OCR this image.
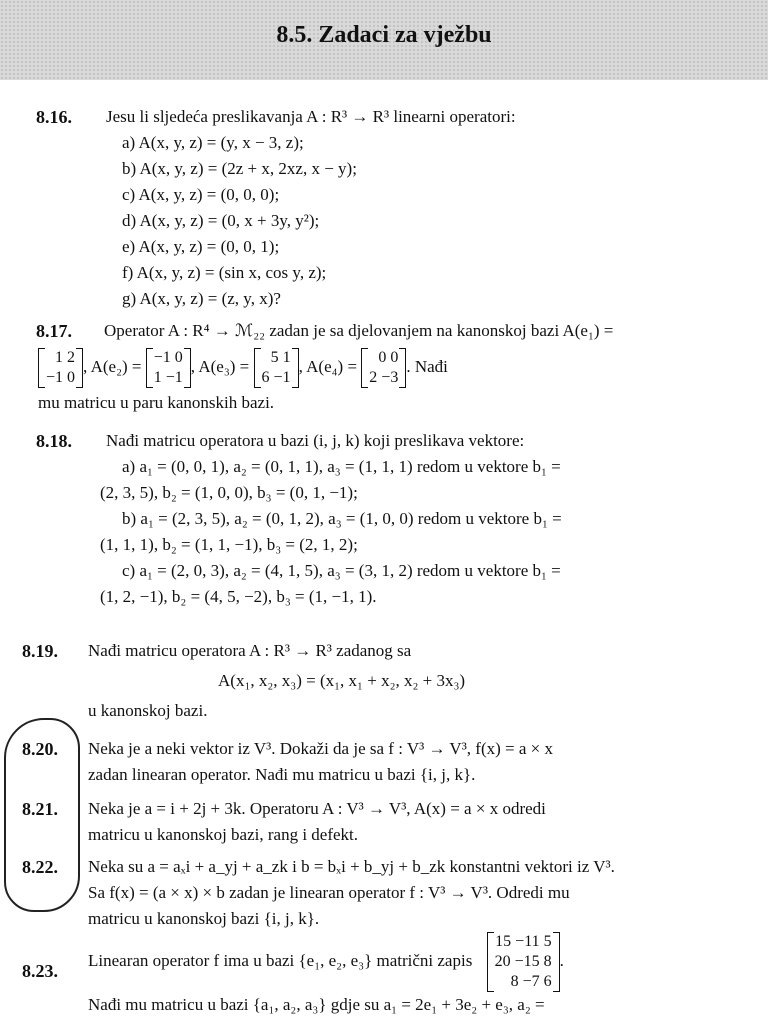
8.5. Zadaci za vježbu
8.16. Jesu li sljedeća preslikavanja A : R³ → R³ linearni operatori:
a) A(x, y, z) = (y, x − 3, z);
b) A(x, y, z) = (2z + x, 2xz, x − y);
c) A(x, y, z) = (0, 0, 0);
d) A(x, y, z) = (0, x + 3y, y²);
e) A(x, y, z) = (0, 0, 1);
f) A(x, y, z) = (sin x, cos y, z);
g) A(x, y, z) = (z, y, x)?
8.17. Operator A : R⁴ → ℳ₂₂ zadan je sa djelovanjem na kanonskoj bazi A(e₁) =
1 2
−1 0
, A(e₂) = −1 0
1 −1
, A(e₃) =	5 1
6 −1
, A(e₄) =	0 0
2 −3
. Nađi
mu matricu u paru kanonskih bazi.
8.18. Nađi matricu operatora u bazi (i, j, k) koji preslikava vektore:
a) a₁ = (0, 0, 1), a₂ = (0, 1, 1), a₃ = (1, 1, 1) redom u vektore b₁ =
(2, 3, 5), b₂ = (1, 0, 0), b₃ = (0, 1, −1);
b) a₁ = (2, 3, 5), a₂ = (0, 1, 2), a₃ = (1, 0, 0) redom u vektore b₁ =
(1, 1, 1), b₂ = (1, 1, −1), b₃ = (2, 1, 2);
c) a₁ = (2, 0, 3), a₂ = (4, 1, 5), a₃ = (3, 1, 2) redom u vektore b₁ =
(1, 2, −1), b₂ = (4, 5, −2), b₃ = (1, −1, 1).
8.19. Nađi matricu operatora A : R³ → R³ zadanog sa
A(x₁, x₂, x₃) = (x₁, x₁ + x₂, x₂ + 3x₃)
u kanonskoj bazi.
8.20. Neka je a neki vektor iz V³. Dokaži da je sa f : V³ → V³, f(x) = a × x
zadan linearan operator. Nađi mu matricu u bazi {i, j, k}.
8.21. Neka je a = i + 2j + 3k. Operatoru A : V³ → V³, A(x) = a × x odredi
matricu u kanonskoj bazi, rang i defekt.
8.22. Neka su a = aₓi + a_yj + a_zk i b = bₓi + b_yj + b_zk konstantni vektori iz V³.
Sa f(x) = (a × x) × b zadan je linearan operator f : V³ → V³. Odredi mu
matricu u kanonskoj bazi {i, j, k}.
8.23.
Linearan operator f ima u bazi {e₁, e₂, e₃} matrični zapis
15 −11 5
20 −15 8
8 −7 6
.
Nađi mu matricu u bazi {a₁, a₂, a₃} gdje su a₁ = 2e₁ + 3e₂ + e₃, a₂ =
